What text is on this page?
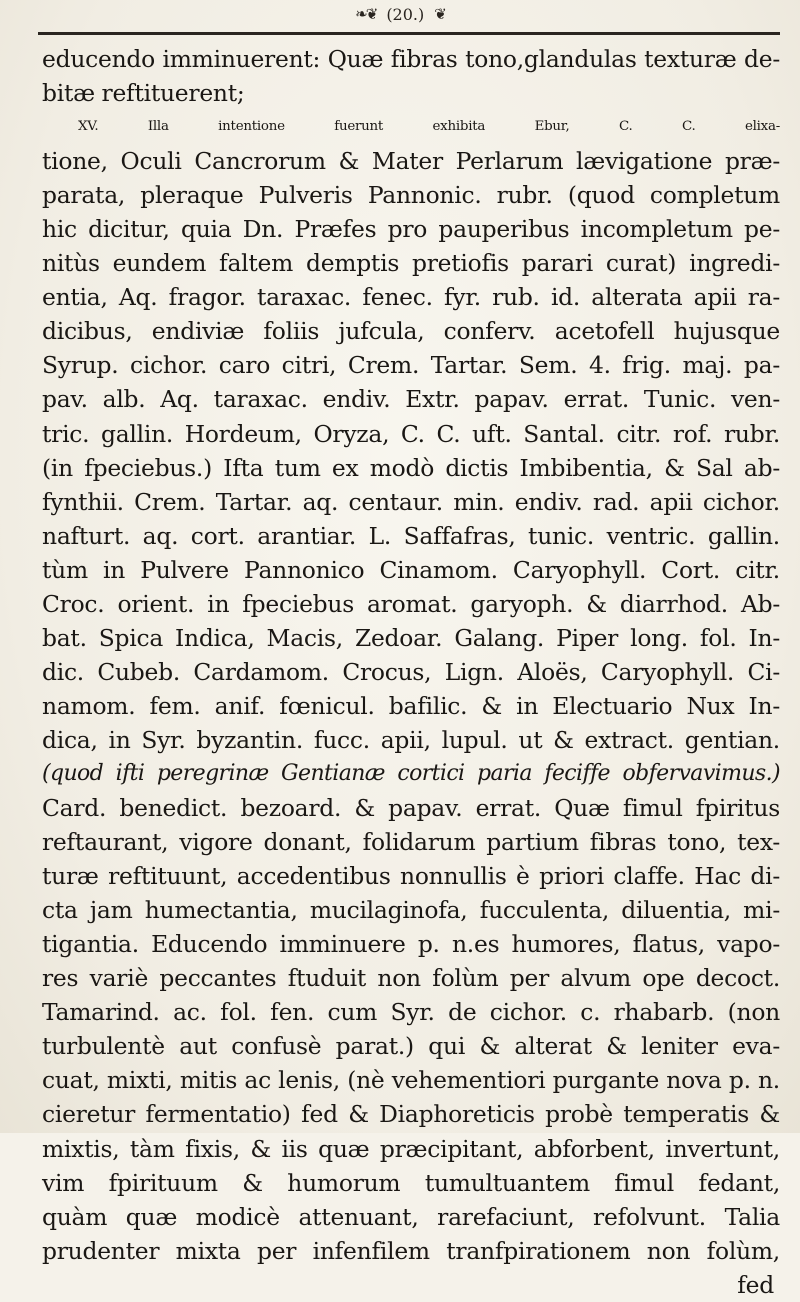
❧❦ (20.) ❦
educendo imminuerent: Quæ fibras tono,glandulas texturæ de-
bitæ reftituerent;
XV. Illa intentione fuerunt exhibita Ebur, C. C. elixa-
tione, Oculi Cancrorum & Mater Perlarum lævigatione præ-
parata, pleraque Pulveris Pannonic. rubr. (quod completum
hic dicitur, quia Dn. Præfes pro pauperibus incompletum pe-
nitùs eundem faltem demptis pretiofis parari curat) ingredi-
entia, Aq. fragor. taraxac. fenec. fyr. rub. id. alterata apii ra-
dicibus, endiviæ foliis jufcula, conferv. acetofell hujusque
Syrup. cichor. caro citri, Crem. Tartar. Sem. 4. frig. maj. pa-
pav. alb. Aq. taraxac. endiv. Extr. papav. errat. Tunic. ven-
tric. gallin. Hordeum, Oryza, C. C. uft. Santal. citr. rof. rubr.
(in fpeciebus.) Ifta tum ex modò dictis Imbibentia, & Sal ab-
fynthii. Crem. Tartar. aq. centaur. min. endiv. rad. apii cichor.
nafturt. aq. cort. arantiar. L. Saffafras, tunic. ventric. gallin.
tùm in Pulvere Pannonico Cinamom. Caryophyll. Cort. citr.
Croc. orient. in fpeciebus aromat. garyoph. & diarrhod. Ab-
bat. Spica Indica, Macis, Zedoar. Galang. Piper long. fol. In-
dic. Cubeb. Cardamom. Crocus, Lign. Aloës, Caryophyll. Ci-
namom. fem. anif. fœnicul. bafilic. & in Electuario Nux In-
dica, in Syr. byzantin. fucc. apii, lupul. ut & extract. gentian.
(quod ifti peregrinæ Gentianæ cortici paria feciffe obfervavimus.)
Card. benedict. bezoard. & papav. errat. Quæ fimul fpiritus
reftaurant, vigore donant, folidarum partium fibras tono, tex-
turæ reftituunt, accedentibus nonnullis è priori claffe. Hac di-
cta jam humectantia, mucilaginofa, fucculenta, diluentia, mi-
tigantia. Educendo imminuere p. n.es humores, flatus, vapo-
res variè peccantes ftuduit non folùm per alvum ope decoct.
Tamarind. ac. fol. fen. cum Syr. de cichor. c. rhabarb. (non
turbulentè aut confusè parat.) qui & alterat & leniter eva-
cuat, mixti, mitis ac lenis, (nè vehementiori purgante nova p. n.
cieretur fermentatio) fed & Diaphoreticis probè temperatis &
mixtis, tàm fixis, & iis quæ præcipitant, abforbent, invertunt,
vim fpirituum & humorum tumultuantem fimul fedant,
quàm quæ modicè attenuant, rarefaciunt, refolvunt. Talia
prudenter mixta per infenfilem tranfpirationem non folùm,
fed
